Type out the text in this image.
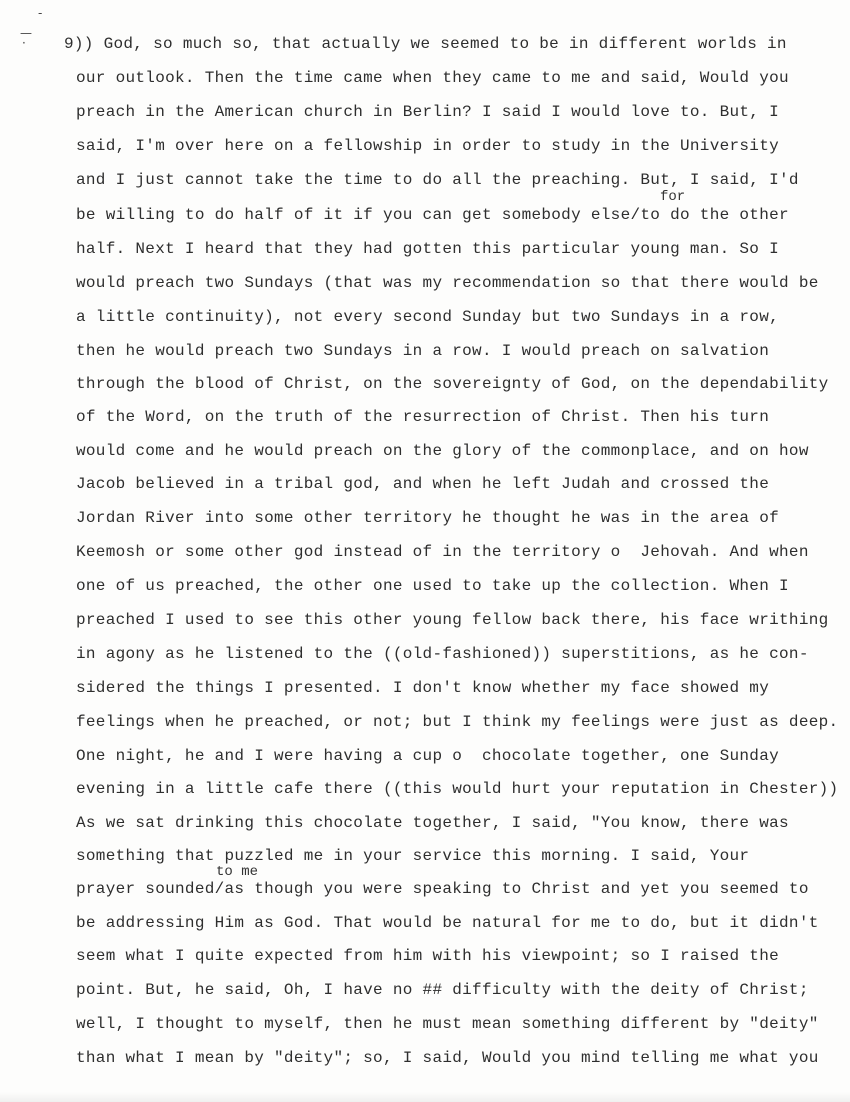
-
—
· 9)) God, so much so, that actually we seemed to be in different worlds in
our outlook. Then the time came when they came to me and said, Would you
preach in the American church in Berlin? I said I would love to. But, I
said, I'm over here on a fellowship in order to study in the University
and I just cannot take the time to do all the preaching. But, I said, I'd
for
be willing to do half of it if you can get somebody else/to do the other
half. Next I heard that they had gotten this particular young man. So I
would preach two Sundays (that was my recommendation so that there would be
a little continuity), not every second Sunday but two Sundays in a row,
then he would preach two Sundays in a row. I would preach on salvation
through the blood of Christ, on the sovereignty of God, on the dependability
of the Word, on the truth of the resurrection of Christ. Then his turn
would come and he would preach on the glory of the commonplace, and on how
Jacob believed in a tribal god, and when he left Judah and crossed the
Jordan River into some other territory he thought he was in the area of
Keemosh or some other god instead of in the territory o  Jehovah. And when
one of us preached, the other one used to take up the collection. When I
preached I used to see this other young fellow back there, his face writhing
in agony as he listened to the ((old-fashioned)) superstitions, as he con-
sidered the things I presented. I don't know whether my face showed my
feelings when he preached, or not; but I think my feelings were just as deep.
One night, he and I were having a cup o  chocolate together, one Sunday
evening in a little cafe there ((this would hurt your reputation in Chester))
As we sat drinking this chocolate together, I said, "You know, there was
something that puzzled me in your service this morning. I said, Your
to me
prayer sounded/as though you were speaking to Christ and yet you seemed to
be addressing Him as God. That would be natural for me to do, but it didn't
seem what I quite expected from him with his viewpoint; so I raised the
point. But, he said, Oh, I have no ## difficulty with the deity of Christ;
well, I thought to myself, then he must mean something different by "deity"
than what I mean by "deity"; so, I said, Would you mind telling me what you
